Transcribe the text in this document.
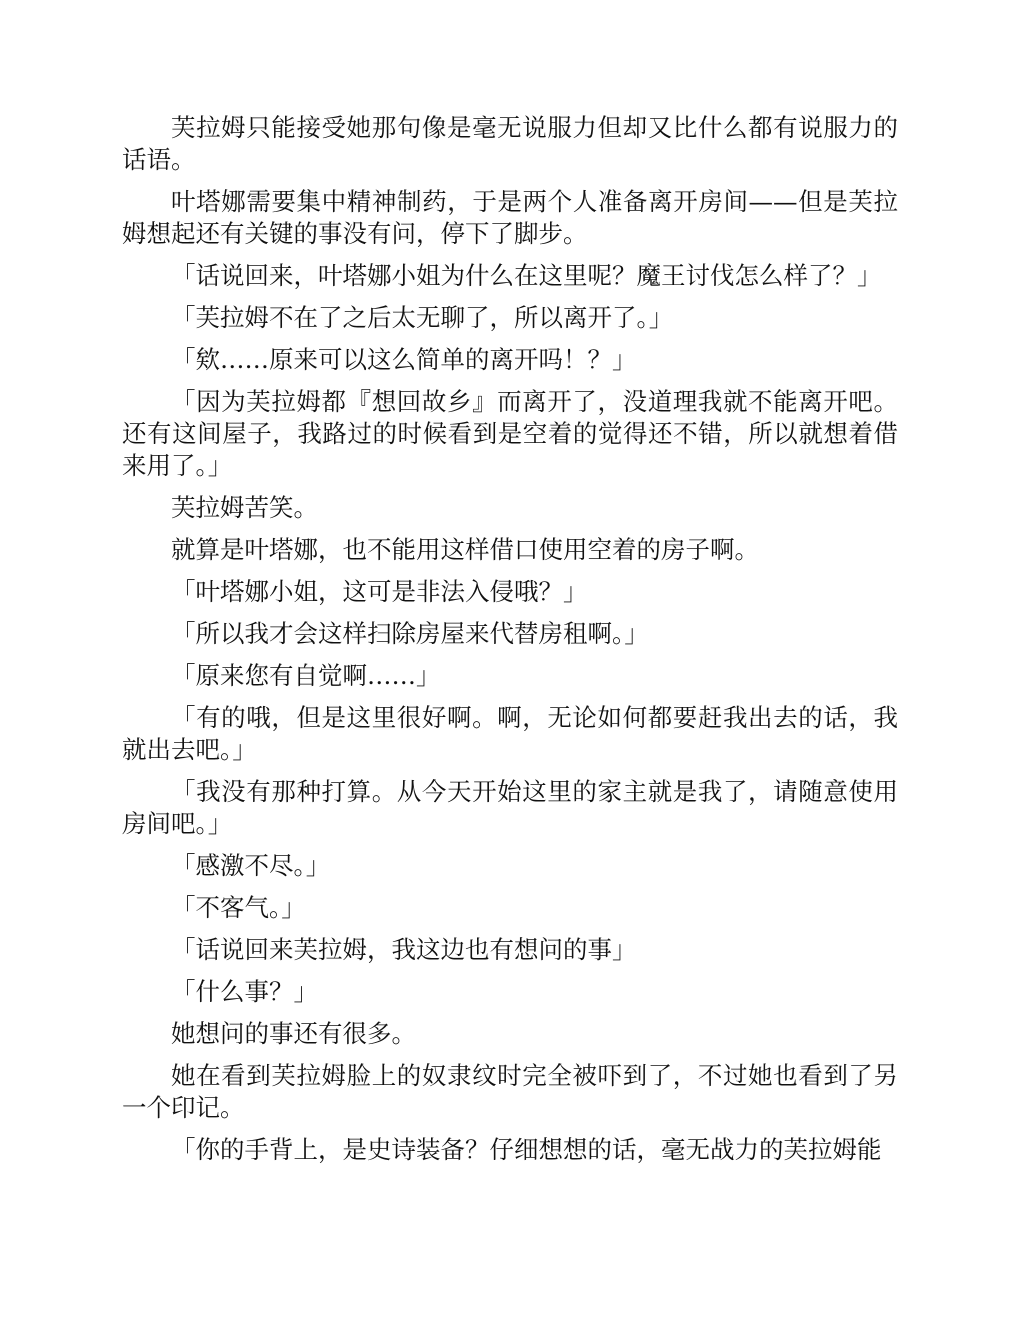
芙拉姆只能接受她那句像是毫无说服力但却又比什么都有说服力的话语。

叶塔娜需要集中精神制药，于是两个人准备离开房间——但是芙拉姆想起还有关键的事没有问，停下了脚步。

「话说回来，叶塔娜小姐为什么在这里呢？魔王讨伐怎么样了？」

「芙拉姆不在了之后太无聊了，所以离开了。」

「欸……原来可以这么简单的离开吗！？」

「因为芙拉姆都『想回故乡』而离开了，没道理我就不能离开吧。还有这间屋子，我路过的时候看到是空着的觉得还不错，所以就想着借来用了。」

芙拉姆苦笑。

就算是叶塔娜，也不能用这样借口使用空着的房子啊。

「叶塔娜小姐，这可是非法入侵哦？」

「所以我才会这样扫除房屋来代替房租啊。」

「原来您有自觉啊……」

「有的哦，但是这里很好啊。啊，无论如何都要赶我出去的话，我就出去吧。」

「我没有那种打算。从今天开始这里的家主就是我了，请随意使用房间吧。」

「感激不尽。」

「不客气。」

「话说回来芙拉姆，我这边也有想问的事」

「什么事？」

她想问的事还有很多。

她在看到芙拉姆脸上的奴隶纹时完全被吓到了，不过她也看到了另一个印记。

「你的手背上，是史诗装备？仔细想想的话，毫无战力的芙拉姆能
